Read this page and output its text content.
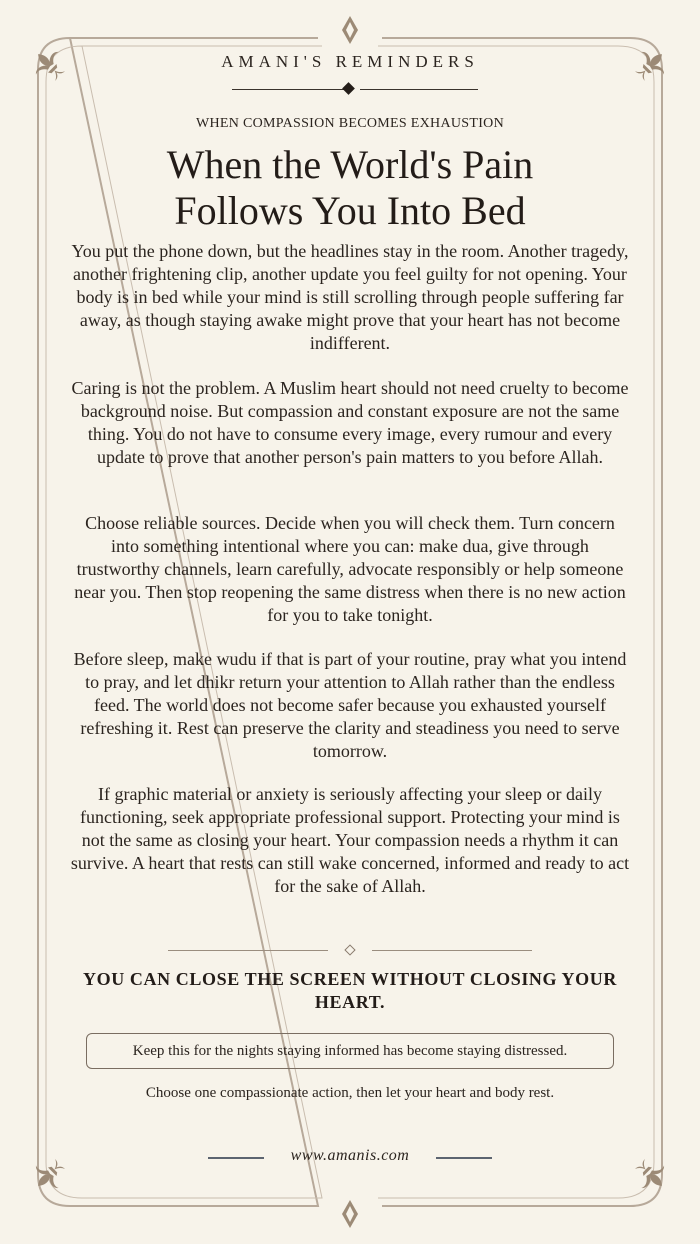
AMANI'S REMINDERS
WHEN COMPASSION BECOMES EXHAUSTION
When the World's Pain
Follows You Into Bed

You put the phone down, but the headlines stay in the room. Another tragedy, another frightening clip, another update you feel guilty for not opening. Your body is in bed while your mind is still scrolling through people suffering far away, as though staying awake might prove that your heart has not become indifferent.

Caring is not the problem. A Muslim heart should not need cruelty to become background noise. But compassion and constant exposure are not the same thing. You do not have to consume every image, every rumour and every update to prove that another person's pain matters to you before Allah.

Choose reliable sources. Decide when you will check them. Turn concern into something intentional where you can: make dua, give through trustworthy channels, learn carefully, advocate responsibly or help someone near you. Then stop reopening the same distress when there is no new action for you to take tonight.

Before sleep, make wudu if that is part of your routine, pray what you intend to pray, and let dhikr return your attention to Allah rather than the endless feed. The world does not become safer because you exhausted yourself refreshing it. Rest can preserve the clarity and steadiness you need to serve tomorrow.

If graphic material or anxiety is seriously affecting your sleep or daily functioning, seek appropriate professional support. Protecting your mind is not the same as closing your heart. Your compassion needs a rhythm it can survive. A heart that rests can still wake concerned, informed and ready to act for the sake of Allah.

YOU CAN CLOSE THE SCREEN WITHOUT CLOSING YOUR HEART.

Keep this for the nights staying informed has become staying distressed.
Choose one compassionate action, then let your heart and body rest.
www.amanis.com
